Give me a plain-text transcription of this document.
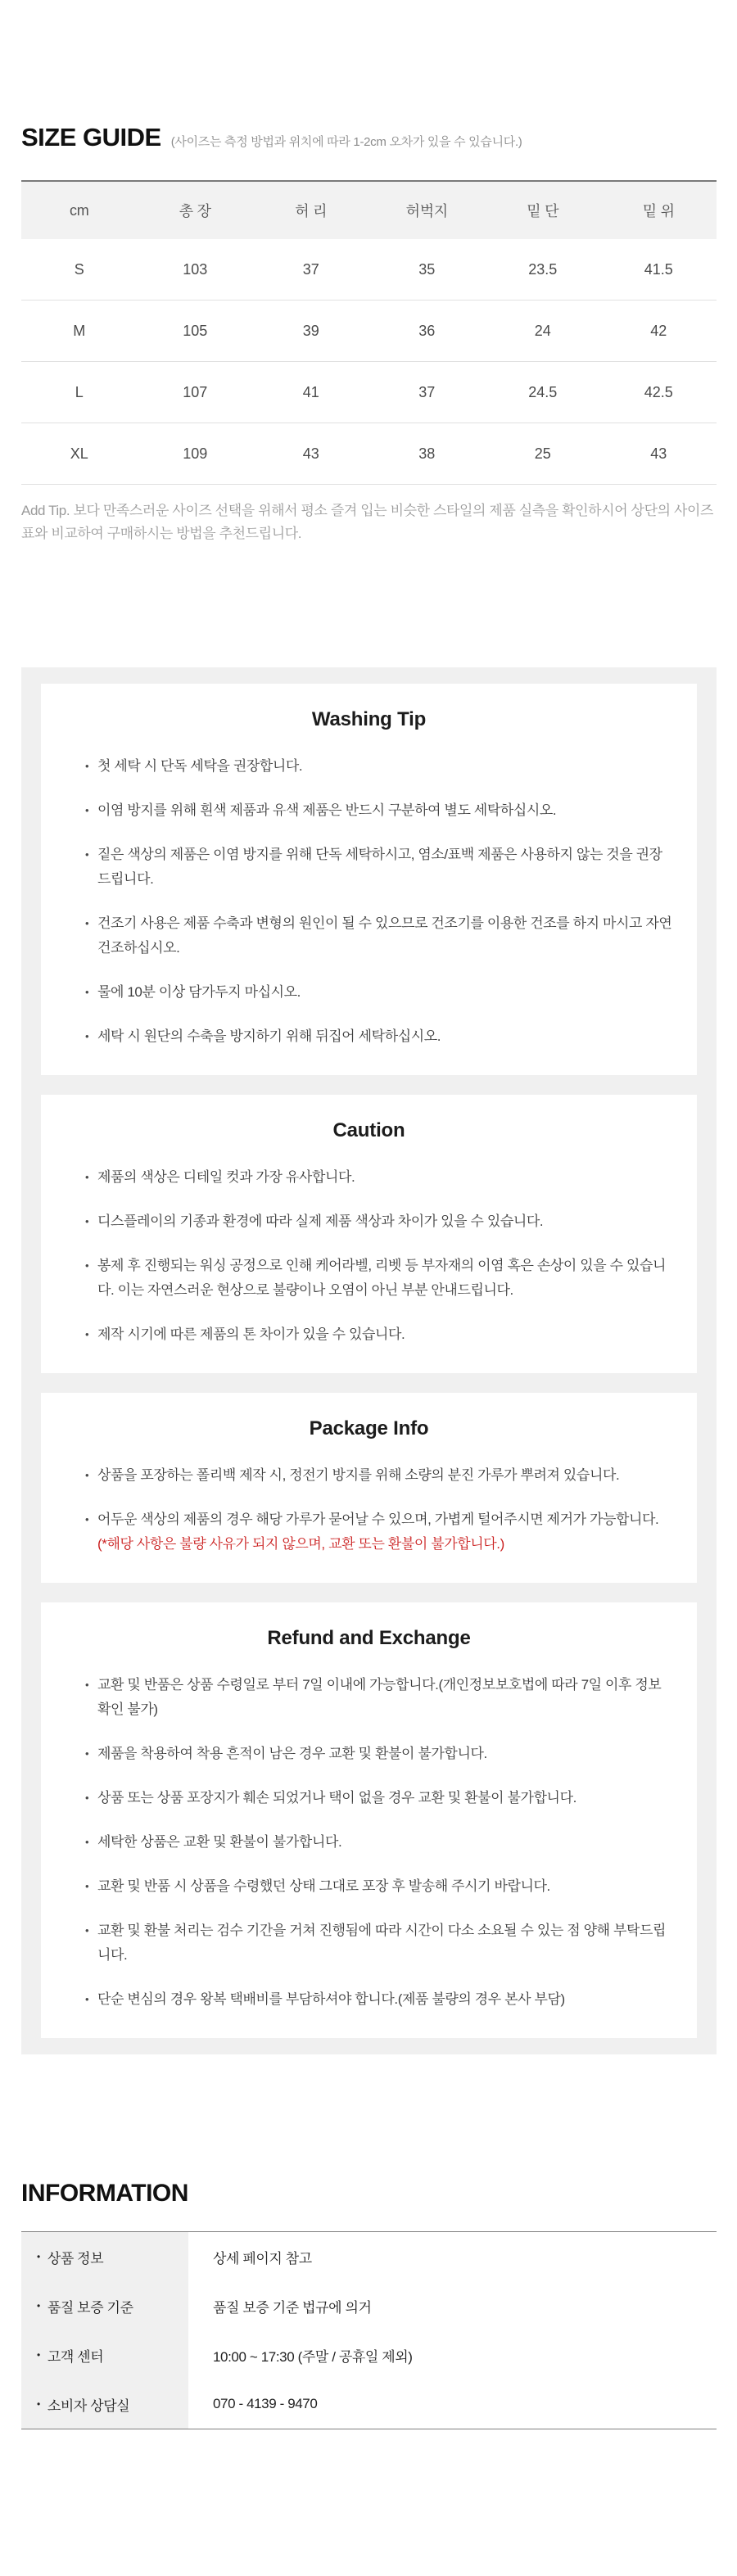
SIZE GUIDE (사이즈는 측정 방법과 위치에 따라 1-2cm 오차가 있을 수 있습니다.)
cm	총 장	허 리	허벅지	밑 단	밑 위
S	103	37	35	23.5	41.5
M	105	39	36	24	42
L	107	41	37	24.5	42.5
XL	109	43	38	25	43

Add Tip. 보다 만족스러운 사이즈 선택을 위해서 평소 즐겨 입는 비슷한 스타일의 제품 실측을 확인하시어 상단의 사이즈 표와 비교하여 구매하시는 방법을 추천드립니다.

Washing Tip
• 첫 세탁 시 단독 세탁을 권장합니다.
• 이염 방지를 위해 흰색 제품과 유색 제품은 반드시 구분하여 별도 세탁하십시오.
• 짙은 색상의 제품은 이염 방지를 위해 단독 세탁하시고, 염소/표백 제품은 사용하지 않는 것을 권장 드립니다.
• 건조기 사용은 제품 수축과 변형의 원인이 될 수 있으므로 건조기를 이용한 건조를 하지 마시고 자연 건조하십시오.
• 물에 10분 이상 담가두지 마십시오.
• 세탁 시 원단의 수축을 방지하기 위해 뒤집어 세탁하십시오.
Caution
• 제품의 색상은 디테일 컷과 가장 유사합니다.
• 디스플레이의 기종과 환경에 따라 실제 제품 색상과 차이가 있을 수 있습니다.
• 봉제 후 진행되는 워싱 공정으로 인해 케어라벨, 리벳 등 부자재의 이염 혹은 손상이 있을 수 있습니다. 이는 자연스러운 현상으로 불량이나 오염이 아닌 부분 안내드립니다.
• 제작 시기에 따른 제품의 톤 차이가 있을 수 있습니다.
Package Info
• 상품을 포장하는 폴리백 제작 시, 정전기 방지를 위해 소량의 분진 가루가 뿌려져 있습니다.
• 어두운 색상의 제품의 경우 해당 가루가 묻어날 수 있으며, 가볍게 털어주시면 제거가 가능합니다.
(*해당 사항은 불량 사유가 되지 않으며, 교환 또는 환불이 불가합니다.)
Refund and Exchange
• 교환 및 반품은 상품 수령일로 부터 7일 이내에 가능합니다.(개인정보보호법에 따라 7일 이후 정보 확인 불가)
• 제품을 착용하여 착용 흔적이 남은 경우 교환 및 환불이 불가합니다.
• 상품 또는 상품 포장지가 훼손 되었거나 택이 없을 경우 교환 및 환불이 불가합니다.
• 세탁한 상품은 교환 및 환불이 불가합니다.
• 교환 및 반품 시 상품을 수령했던 상태 그대로 포장 후 발송해 주시기 바랍니다.
• 교환 및 환불 처리는 검수 기간을 거쳐 진행됨에 따라 시간이 다소 소요될 수 있는 점 양해 부탁드립니다.
• 단순 변심의 경우 왕복 택배비를 부담하셔야 합니다.(제품 불량의 경우 본사 부담)
INFORMATION
• 상품 정보	상세 페이지 참고
• 품질 보증 기준	품질 보증 기준 법규에 의거
• 고객 센터	10:00 ~ 17:30 (주말 / 공휴일 제외)
• 소비자 상담실	070 - 4139 - 9470
